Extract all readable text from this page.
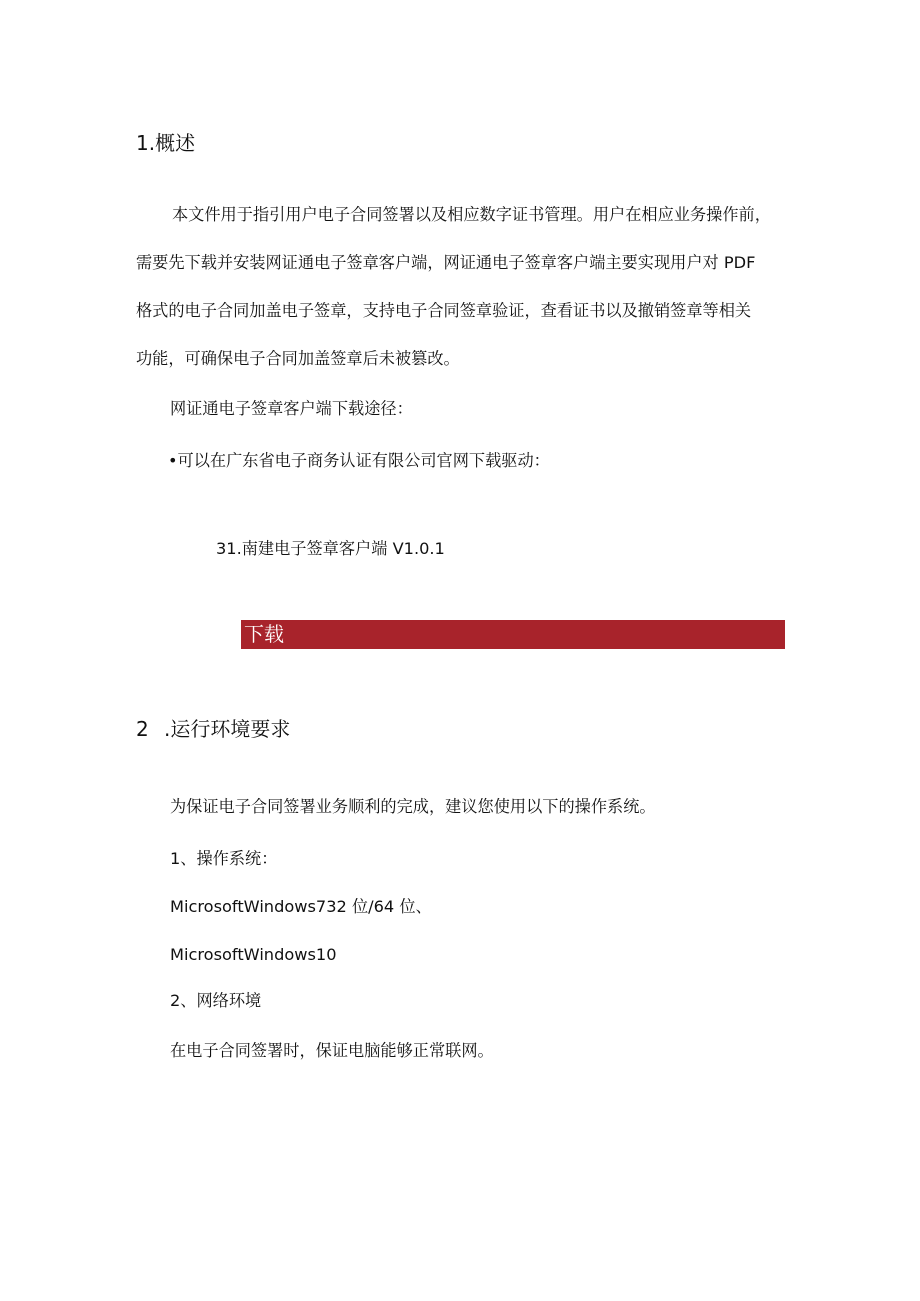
1.概述
本文件用于指引用户电子合同签署以及相应数字证书管理。用户在相应业务操作前，
需要先下载并安装网证通电子签章客户端，网证通电子签章客户端主要实现用户对 PDF
格式的电子合同加盖电子签章，支持电子合同签章验证，查看证书以及撤销签章等相关
功能，可确保电子合同加盖签章后未被篡改。
网证通电子签章客户端下载途径：
•可以在广东省电子商务认证有限公司官网下载驱动：
31.南建电子签章客户端 V1.0.1
下载
2 .运行环境要求
为保证电子合同签署业务顺利的完成，建议您使用以下的操作系统。
1、操作系统：
MicrosoftWindows732 位/64 位、
MicrosoftWindows10
2、网络环境
在电子合同签署时，保证电脑能够正常联网。
